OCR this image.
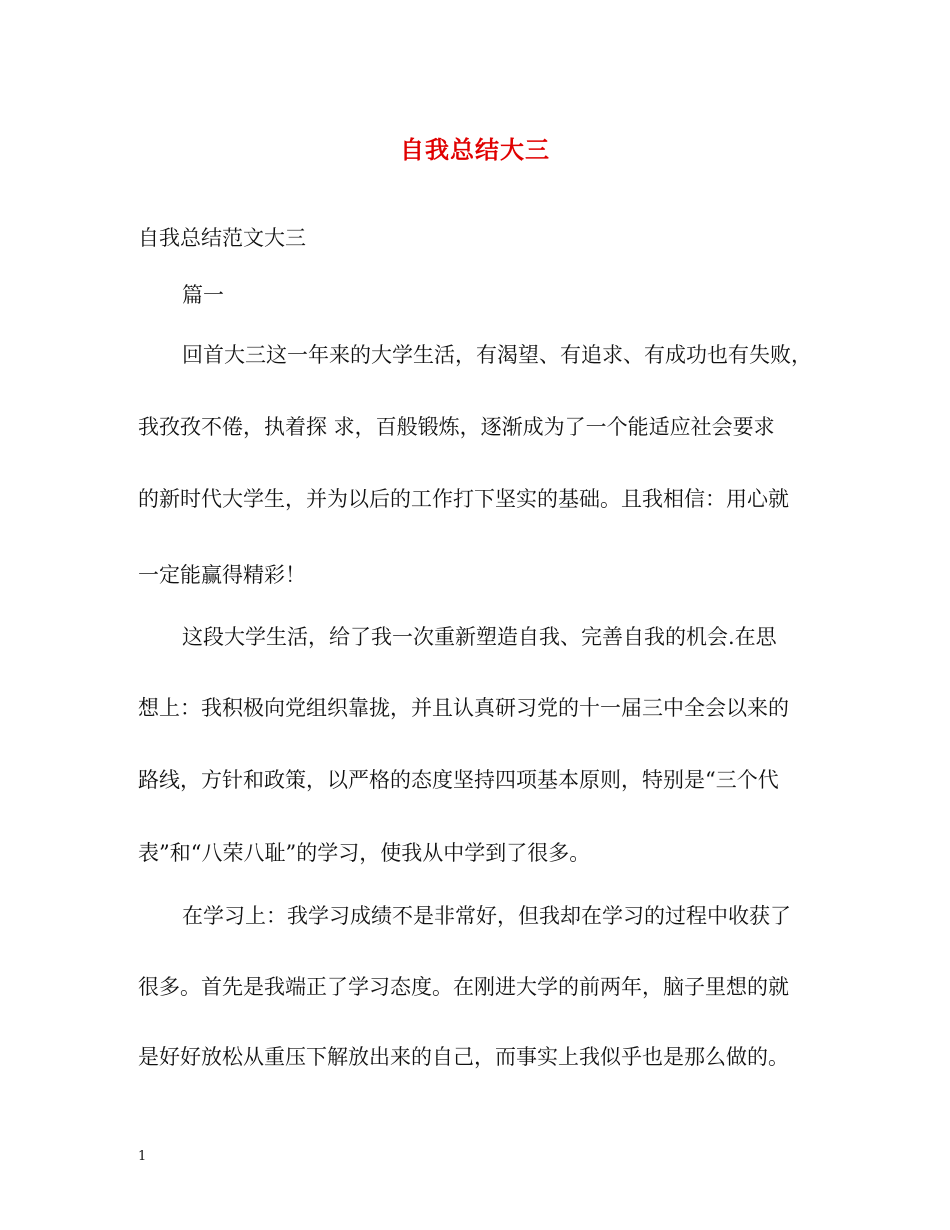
自我总结大三
自我总结范文大三
篇一
回首大三这一年来的大学生活，有渴望、有追求、有成功也有失败，
我孜孜不倦，执着探 求，百般锻炼，逐渐成为了一个能适应社会要求
的新时代大学生，并为以后的工作打下坚实的基础。且我相信：用心就
一定能赢得精彩！
这段大学生活，给了我一次重新塑造自我、完善自我的机会.在思
想上：我积极向党组织靠拢，并且认真研习党的十一届三中全会以来的
路线，方针和政策，以严格的态度坚持四项基本原则，特别是“三个代
表”和“八荣八耻”的学习，使我从中学到了很多。
在学习上：我学习成绩不是非常好，但我却在学习的过程中收获了
很多。首先是我端正了学习态度。在刚进大学的前两年，脑子里想的就
是好好放松从重压下解放出来的自己，而事实上我似乎也是那么做的。
1
